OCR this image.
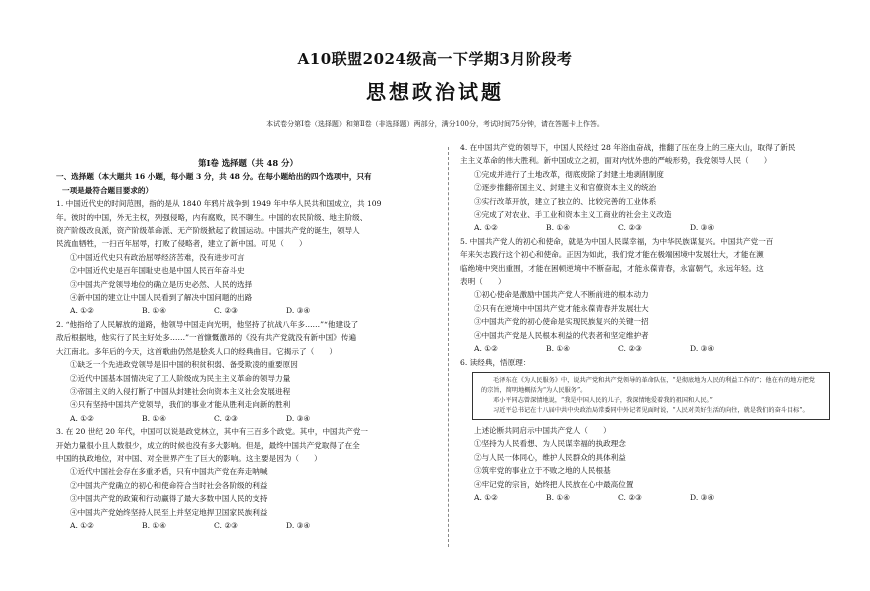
A10联盟2024级高一下学期3月阶段考
思想政治试题
本试卷分第Ⅰ卷（选择题）和第Ⅱ卷（非选择题）两部分，满分100分，考试时间75分钟，请在答题卡上作答。
第Ⅰ卷 选择题（共 48 分）
一、选择题（本大题共 16 小题，每小题 3 分，共 48 分。在每小题给出的四个选项中，只有
一项是最符合题目要求的）

1. 中国近代史的时间范围，指的是从 1840 年鸦片战争到 1949 年中华人民共和国成立，共 109

年。彼时的中国，外无主权，列强侵略，内有腐败，民不聊生。中国的农民阶级、地主阶级、

资产阶级改良派，资产阶级革命派、无产阶级掀起了救国运动。中国共产党的诞生，领导人

民流血牺牲，一扫百年屈辱，打败了侵略者，建立了新中国。可见（　　）

①中国近代史只有政治屈辱经济苦难，没有进步可言

②中国近代史是百年国耻史也是中国人民百年奋斗史

③中国共产党领导地位的确立是历史必然、人民的选择

④新中国的建立让中国人民看到了解决中国问题的出路

A. ①②	B. ①④	C. ②③	D. ③④

2. “他指给了人民解放的道路，他领导中国走向光明，他坚持了抗战八年多……”“他建设了

敌后根据地，他实行了民主好处多……”一首慷慨激昂的《没有共产党就没有新中国》传遍

大江南北。多年后的今天，这首歌曲仍然是脍炙人口的经典曲目。它揭示了（　　）

①缺乏一个先进政党领导是旧中国的积贫积弱、备受欺凌的重要原因

②近代中国基本国情决定了工人阶级成为民主主义革命的领导力量

③帝国主义的入侵打断了中国从封建社会向资本主义社会发展进程

④只有坚持中国共产党领导，我们的事业才能从胜利走向新的胜利

A. ①②	B. ①④	C. ②③	D. ③④

3. 在 20 世纪 20 年代，中国可以说是政党林立，其中有三百多个政党。其中，中国共产党一

开始力量很小且人数很少，成立的时候也没有多大影响。但是，最终中国共产党取得了在全

中国的执政地位，对中国、对全世界产生了巨大的影响。这主要是因为（　　）

①近代中国社会存在多重矛盾，只有中国共产党在奔走呐喊

②中国共产党确立的初心和使命符合当时社会各阶级的利益

③中国共产党的政策和行动赢得了最大多数中国人民的支持

④中国共产党始终坚持人民至上并坚定地捍卫国家民族利益

A. ①②	B. ①④	C. ②③	D. ③④

4. 在中国共产党的领导下，中国人民经过 28 年浴血奋战，推翻了压在身上的三座大山，取得了新民

主主义革命的伟大胜利。新中国成立之初，面对内忧外患的严峻形势，我党领导人民（　　）

①完成并进行了土地改革，彻底废除了封建土地剥削制度

②逐步推翻帝国主义、封建主义和官僚资本主义的统治

③实行改革开放，建立了独立的、比较完善的工业体系

④完成了对农业、手工业和资本主义工商业的社会主义改造

A. ①②	B. ①④	C. ②③	D. ③④

5. 中国共产党人的初心和使命，就是为中国人民谋幸福，为中华民族谋复兴。中国共产党一百

年来矢志践行这个初心和使命。正因为如此，我们党才能在极端困境中发展壮大，才能在濒

临绝境中突出重围，才能在困顿逆境中不断奋起，才能永葆青春，永富朝气，永远年轻。这

表明（　　）

①初心使命是激励中国共产党人不断前进的根本动力

②只有在逆境中中国共产党才能永葆青春并发展壮大

③中国共产党的初心使命是实现民族复兴的关键一招

④中国共产党是人民根本利益的代表者和坚定维护者

A. ①②	B. ①④	C. ②③	D. ③④

6. 读经典，悟原理：

毛泽东在《为人民服务》中，说共产党和共产党领导的革命队伍，“是彻底地为人民的利益工作的”；他在有的地方把党的宗旨，简明地概括为“为人民服务”。

邓小平同志曾深情地说，“我是中国人民的儿子，我深情地爱着我的祖国和人民。”

习近平总书记在十八届中共中央政治局常委同中外记者见面时说，“人民对美好生活的向往，就是我们的奋斗目标”。

上述论断共同启示中国共产党人（　　）

①坚持为人民看想、为人民谋幸福的执政理念

②与人民一体同心，维护人民群众的具体利益

③筑牢党的事业立于不败之地的人民根基

④牢记党的宗旨，始终把人民放在心中最高位置

A. ①②	B. ①④	C. ②③	D. ③④
